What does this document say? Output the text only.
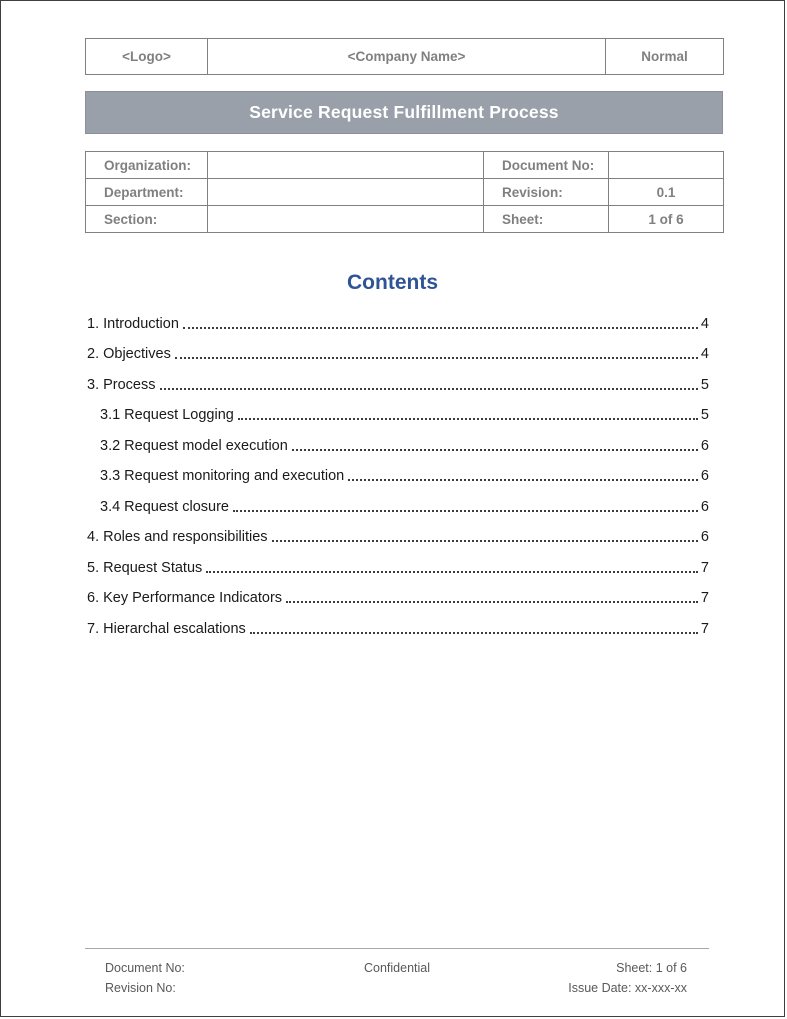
<Logo>	<Company Name>	Normal
Service Request Fulfillment Process
Organization:		Document No:	
Department:		Revision:	0.1
Section:		Sheet:	1 of 6
Contents
1. Introduction	4
2. Objectives	4
3. Process	5
3.1 Request Logging	5
3.2 Request model execution	6
3.3 Request monitoring and execution	6
3.4 Request closure	6
4. Roles and responsibilities	6
5. Request Status	7
6. Key Performance Indicators	7
7. Hierarchal escalations	7
Document No:
Revision No:
Confidential	Sheet: 1 of 6
Issue Date: xx-xxx-xx
